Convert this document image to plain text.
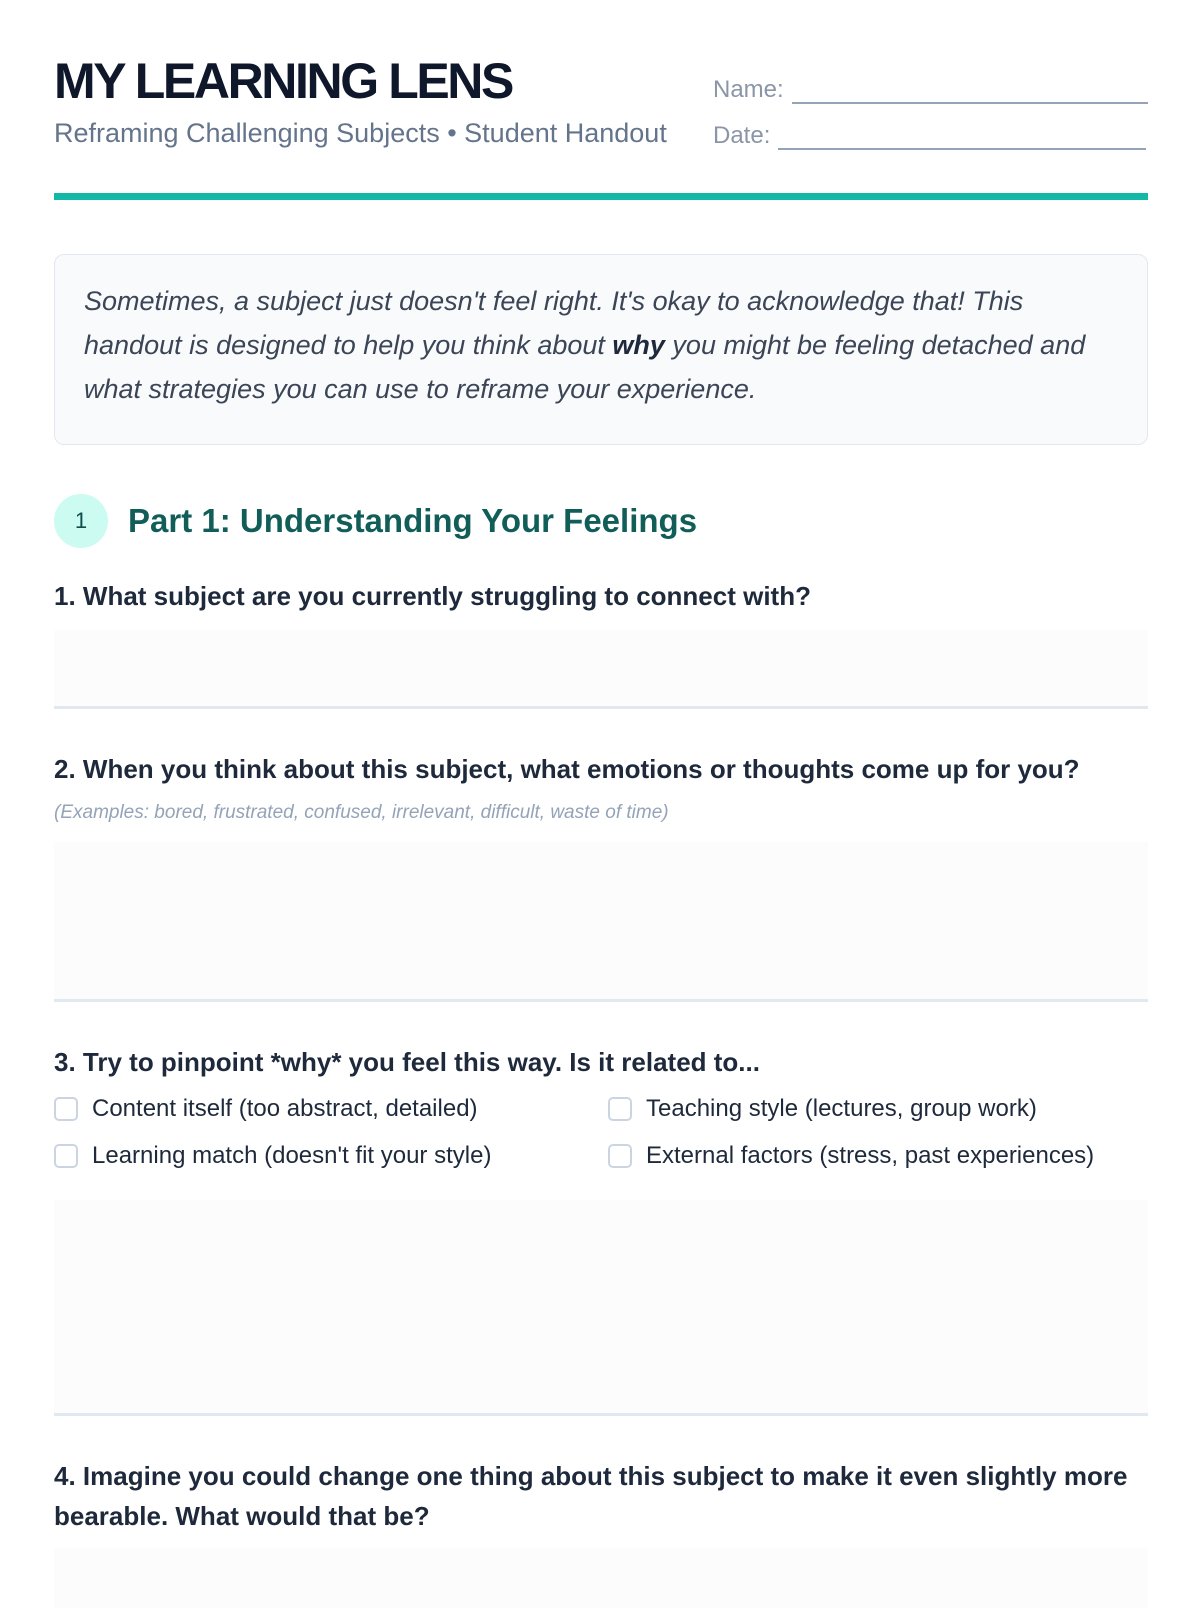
MY LEARNING LENS
Reframing Challenging Subjects • Student Handout
Name:
Date:
Sometimes, a subject just doesn't feel right. It's okay to acknowledge that! This handout is designed to help you think about why you might be feeling detached and what strategies you can use to reframe your experience.
1	Part 1: Understanding Your Feelings
1. What subject are you currently struggling to connect with?
2. When you think about this subject, what emotions or thoughts come up for you?
(Examples: bored, frustrated, confused, irrelevant, difficult, waste of time)
3. Try to pinpoint *why* you feel this way. Is it related to...
Content itself (too abstract, detailed)	Teaching style (lectures, group work)
Learning match (doesn't fit your style)	External factors (stress, past experiences)
4. Imagine you could change one thing about this subject to make it even slightly more bearable. What would that be?
